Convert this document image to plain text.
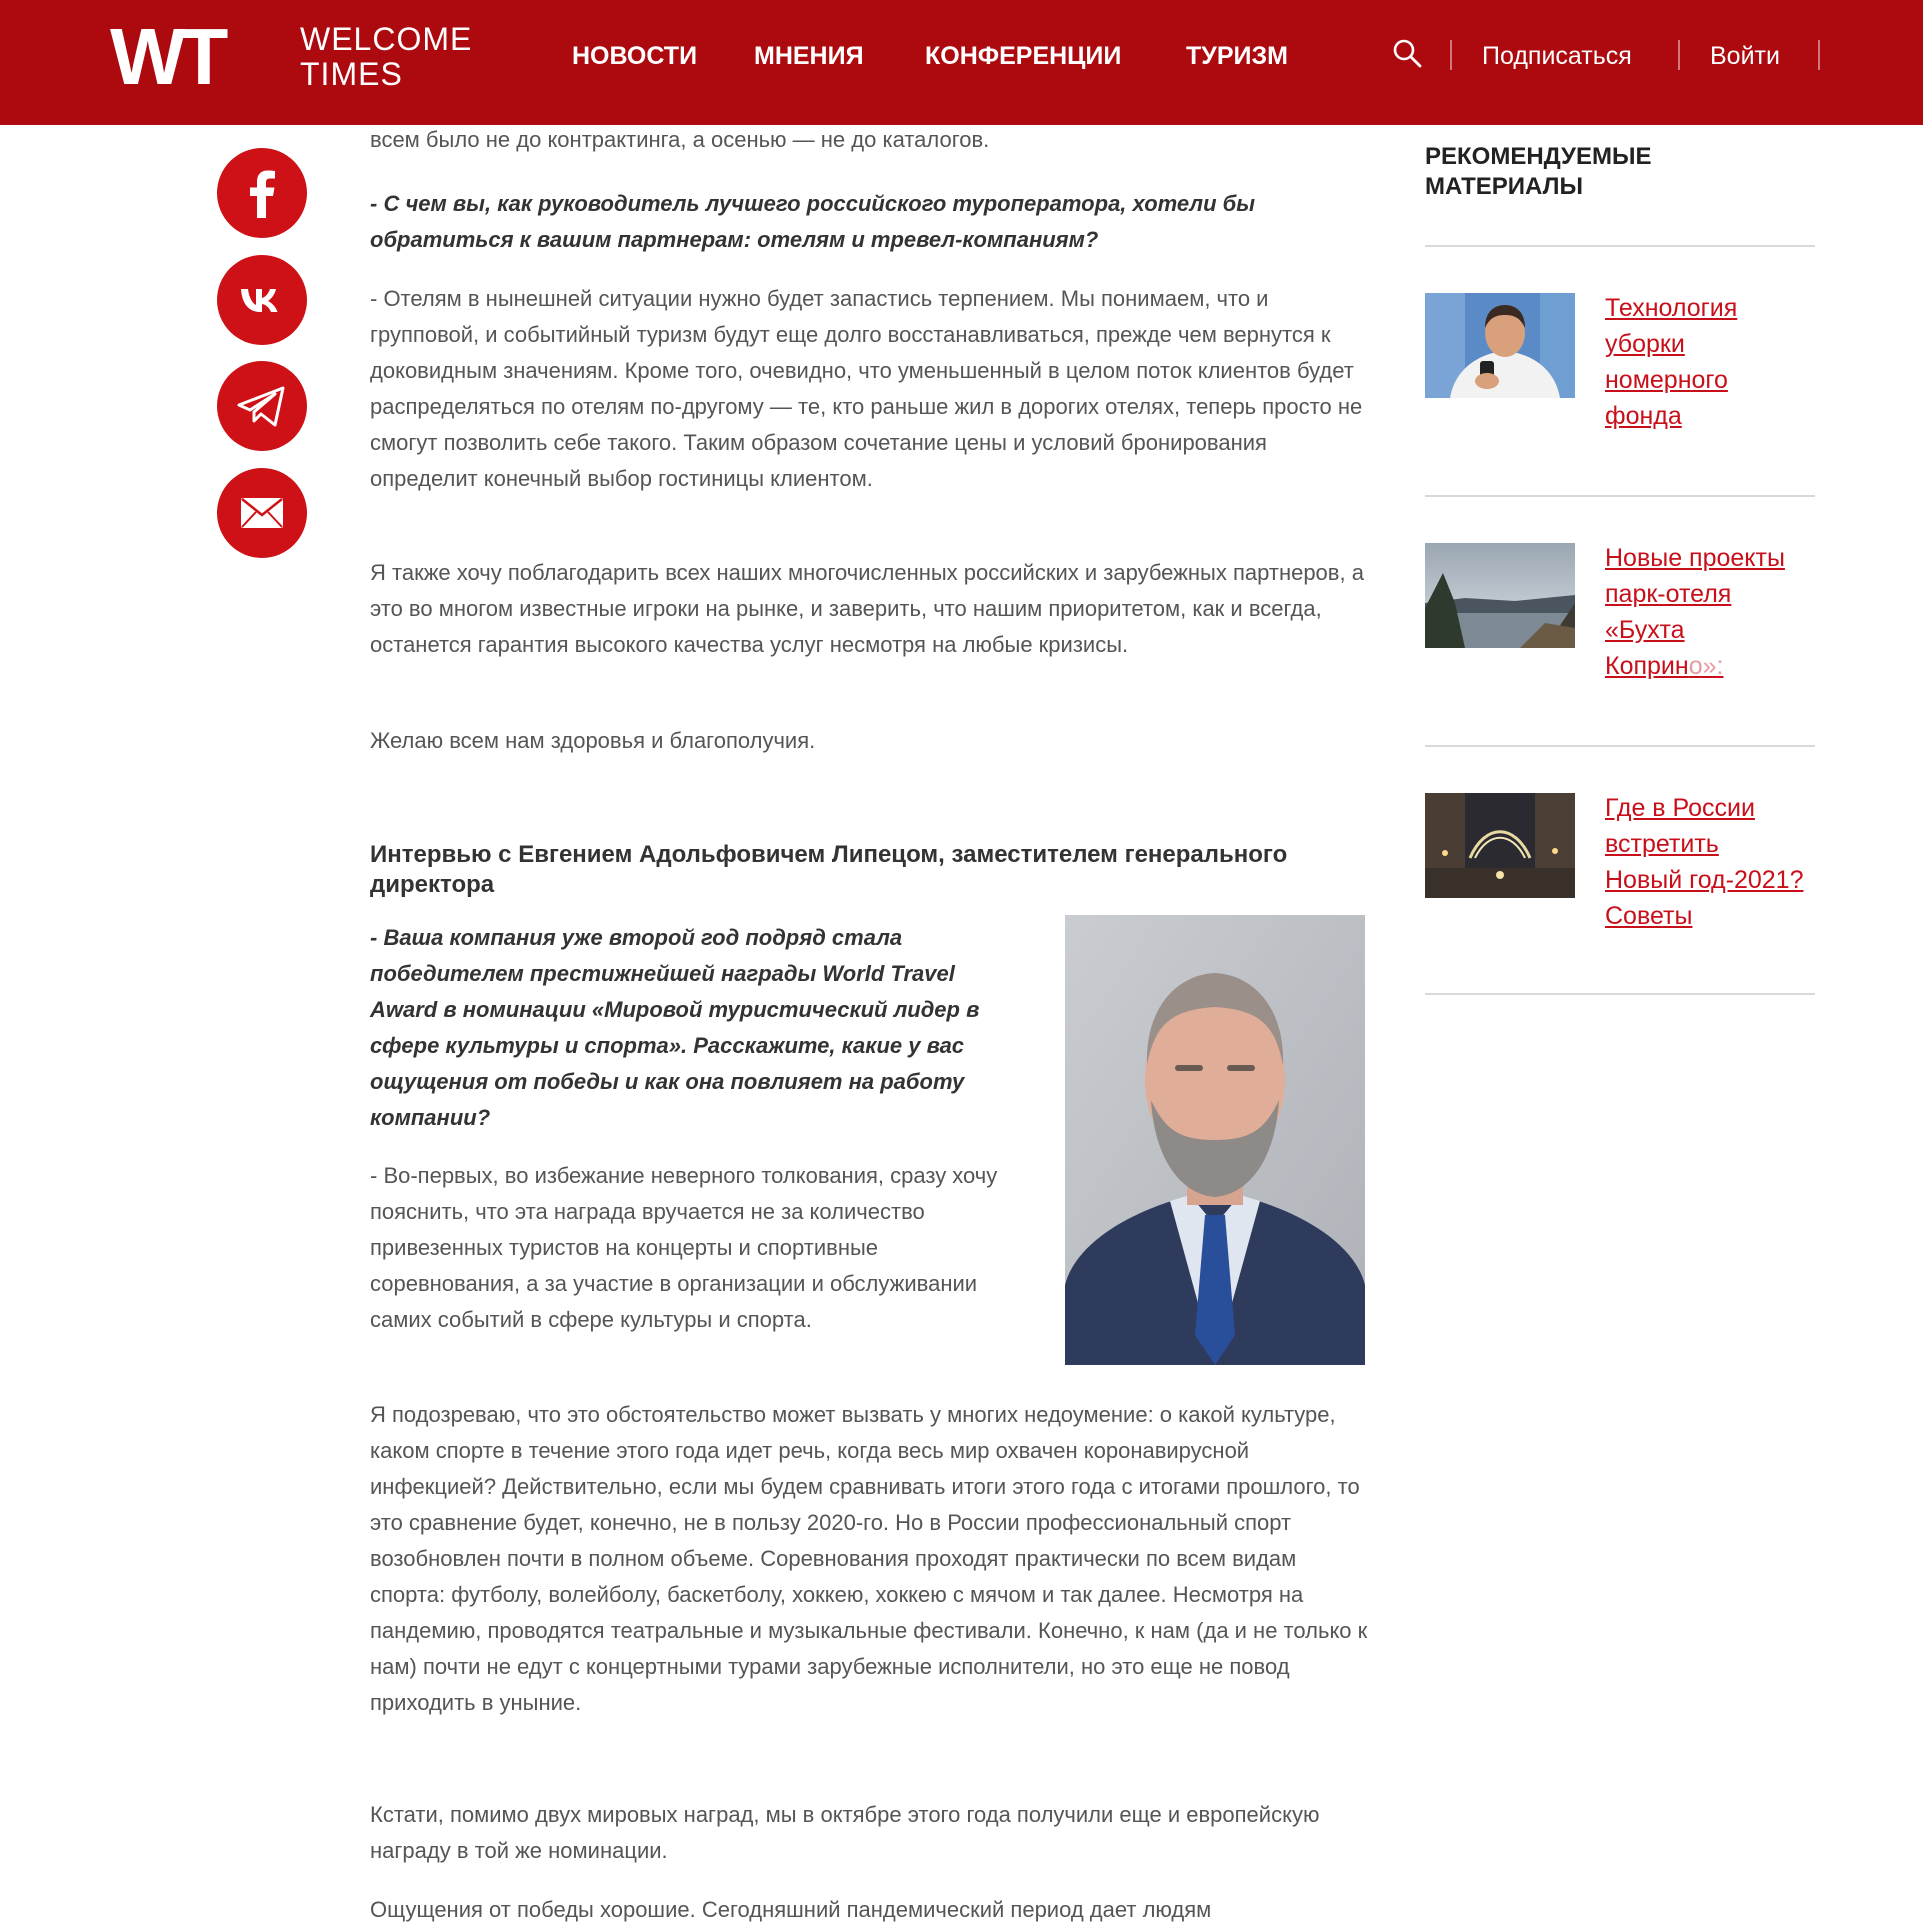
WT WELCOME
TIMES	НОВОСТИ МНЕНИЯ КОНФЕРЕНЦИИ	ТУРИЗМ	Подписаться	Войти

всем было не до контрактинга, а осенью — не до каталогов.

- С чем вы, как руководитель лучшего российского туроператора, хотели бы обратиться к вашим партнерам: отелям и тревел-компаниям?

- Отелям в нынешней ситуации нужно будет запастись терпением. Мы понимаем, что и групповой, и событийный туризм будут еще долго восстанавливаться, прежде чем вернутся к доковидным значениям. Кроме того, очевидно, что уменьшенный в целом поток клиентов будет распределяться по отелям по-другому — те, кто раньше жил в дорогих отелях, теперь просто не смогут позволить себе такого. Таким образом сочетание цены и условий бронирования определит конечный выбор гостиницы клиентом.

Я также хочу поблагодарить всех наших многочисленных российских и зарубежных партнеров, а это во многом известные игроки на рынке, и заверить, что нашим приоритетом, как и всегда, останется гарантия высокого качества услуг несмотря на любые кризисы.

Желаю всем нам здоровья и благополучия.

Интервью с Евгением Адольфовичем Липецом, заместителем генерального директора

- Ваша компания уже второй год подряд стала победителем престижнейшей награды World Travel Award в номинации «Мировой туристический лидер в сфере культуры и спорта». Расскажите, какие у вас ощущения от победы и как она повлияет на работу компании?

- Во-первых, во избежание неверного толкования, сразу хочу пояснить, что эта награда вручается не за количество привезенных туристов на концерты и спортивные соревнования, а за участие в организации и обслуживании самих событий в сфере культуры и спорта.

Я подозреваю, что это обстоятельство может вызвать у многих недоумение: о какой культуре, каком спорте в течение этого года идет речь, когда весь мир охвачен коронавирусной инфекцией? Действительно, если мы будем сравнивать итоги этого года с итогами прошлого, то это сравнение будет, конечно, не в пользу 2020-го. Но в России профессиональный спорт возобновлен почти в полном объеме. Соревнования проходят практически по всем видам спорта: футболу, волейболу, баскетболу, хоккею, хоккею с мячом и так далее. Несмотря на пандемию, проводятся театральные и музыкальные фестивали. Конечно, к нам (да и не только к нам) почти не едут с концертными турами зарубежные исполнители, но это еще не повод приходить в уныние.

Кстати, помимо двух мировых наград, мы в октябре этого года получили еще и европейскую награду в той же номинации.

Ощущения от победы хорошие. Сегодняшний пандемический период дает людям

РЕКОМЕНДУЕМЫЕ
МАТЕРИАЛЫ
Технология
уборки
номерного
фонда
Новые проекты
парк-отеля
«Бухта
Коприно»:
Где в России
встретить
Новый год-2021?
Советы
